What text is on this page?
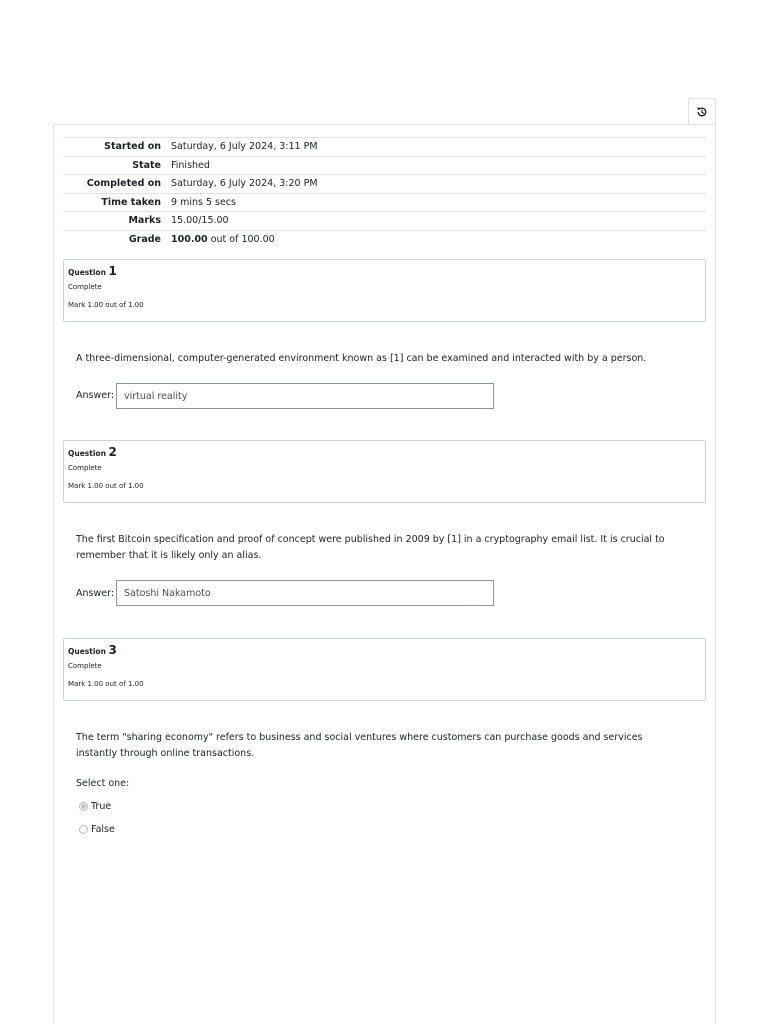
Started on	Saturday, 6 July 2024, 3:11 PM
State	Finished
Completed on	Saturday, 6 July 2024, 3:20 PM
Time taken	9 mins 5 secs
Marks	15.00/15.00
Grade	100.00 out of 100.00
Question 1
Complete
Mark 1.00 out of 1.00
A three-dimensional, computer-generated environment known as [1] can be examined and interacted with by a person.
Answer:
virtual reality
Question 2
Complete
Mark 1.00 out of 1.00
The first Bitcoin specification and proof of concept were published in 2009 by [1] in a cryptography email list. It is crucial to remember that it is likely only an alias.
Answer:
Satoshi Nakamoto
Question 3
Complete
Mark 1.00 out of 1.00
The term "sharing economy" refers to business and social ventures where customers can purchase goods and services instantly through online transactions.
Select one:
True
False
